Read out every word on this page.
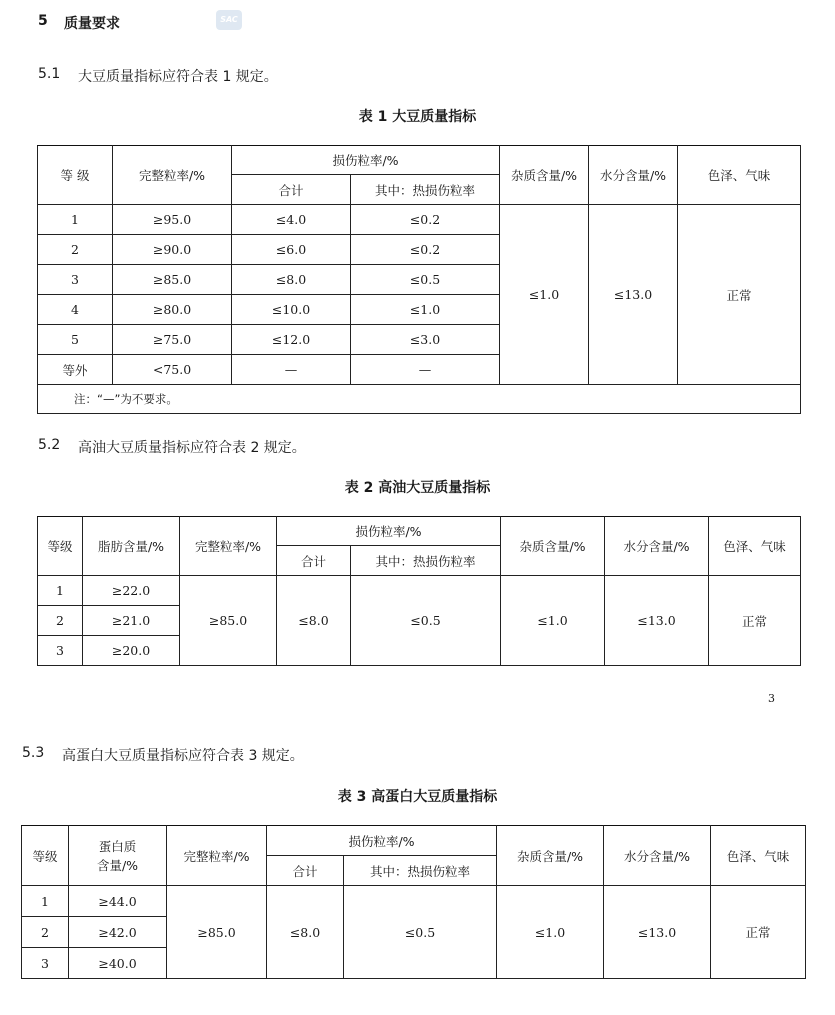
5 质量要求	SAC
5.1 大豆质量指标应符合表 1 规定。
表 1 大豆质量指标
等 级	完整粒率/%	损伤粒率/%		杂质含量/%	水分含量/%	色泽、气味
		合计	其中：热损伤粒率			
1	≥95.0	≤4.0	≤0.2	≤1.0	≤13.0	正常
2	≥90.0	≤6.0	≤0.2			
3	≥85.0	≤8.0	≤0.5			
4	≥80.0	≤10.0	≤1.0			
5	≥75.0	≤12.0	≤3.0			
等外	<75.0	—	—			
注：“—”为不要求。						
5.2 高油大豆质量指标应符合表 2 规定。
表 2 高油大豆质量指标
等级	脂肪含量/%	完整粒率/%	损伤粒率/%		杂质含量/%	水分含量/%	色泽、气味
			合计	其中：热损伤粒率			
1	≥22.0	≥85.0	≤8.0	≤0.5	≤1.0	≤13.0	正常
2	≥21.0						
3	≥20.0						
3
5.3 高蛋白大豆质量指标应符合表 3 规定。
表 3 高蛋白大豆质量指标
等级	蛋白质
含量/%	完整粒率/%	损伤粒率/%		杂质含量/%	水分含量/%	色泽、气味
			合计	其中：热损伤粒率			
1	≥44.0	≥85.0	≤8.0	≤0.5	≤1.0	≤13.0	正常
2	≥42.0						
3	≥40.0						
